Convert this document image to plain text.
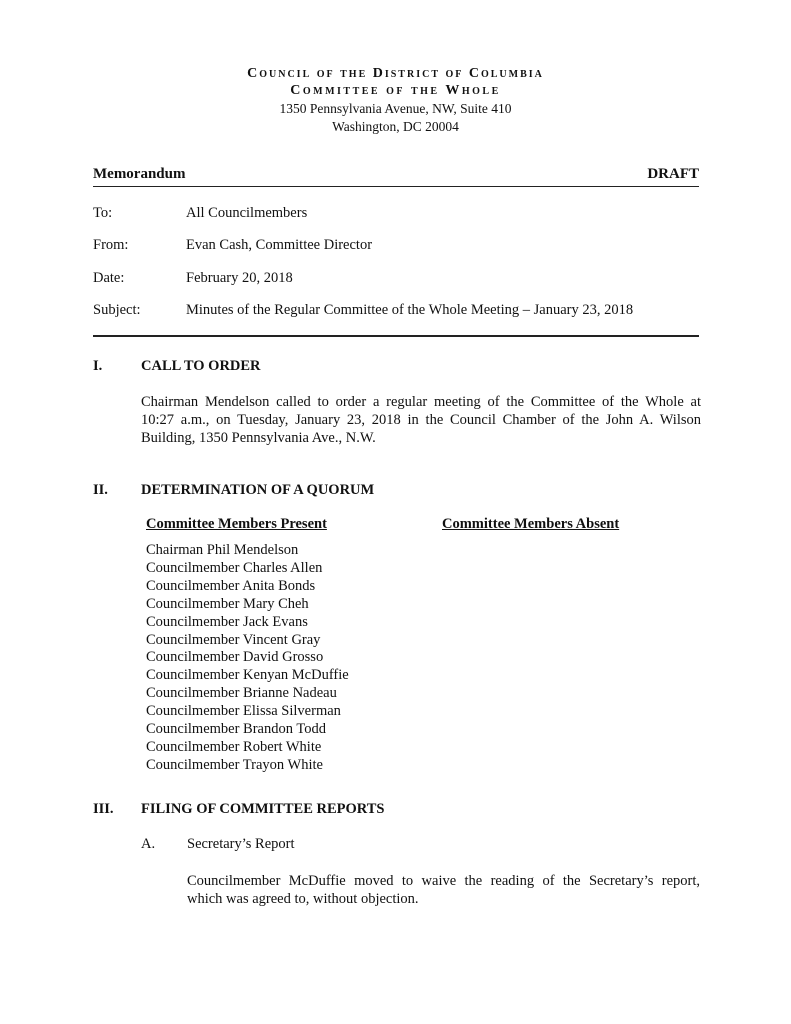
Council of the District of Columbia
Committee of the Whole
1350 Pennsylvania Avenue, NW, Suite 410
Washington, DC 20004
Memorandum	DRAFT
To:	All Councilmembers
From:	Evan Cash, Committee Director
Date:	February 20, 2018
Subject:	Minutes of the Regular Committee of the Whole Meeting – January 23, 2018
I.	CALL TO ORDER
Chairman Mendelson called to order a regular meeting of the Committee of the Whole at
10:27 a.m., on Tuesday, January 23, 2018 in the Council Chamber of the John A. Wilson
Building, 1350 Pennsylvania Ave., N.W.
II. DETERMINATION OF A QUORUM
Committee Members Present	Committee Members Absent
Chairman Phil Mendelson
Councilmember Charles Allen
Councilmember Anita Bonds
Councilmember Mary Cheh
Councilmember Jack Evans
Councilmember Vincent Gray
Councilmember David Grosso
Councilmember Kenyan McDuffie
Councilmember Brianne Nadeau
Councilmember Elissa Silverman
Councilmember Brandon Todd
Councilmember Robert White
Councilmember Trayon White
III. FILING OF COMMITTEE REPORTS
A. Secretary’s Report
Councilmember McDuffie moved to waive the reading of the Secretary’s report,
which was agreed to, without objection.
